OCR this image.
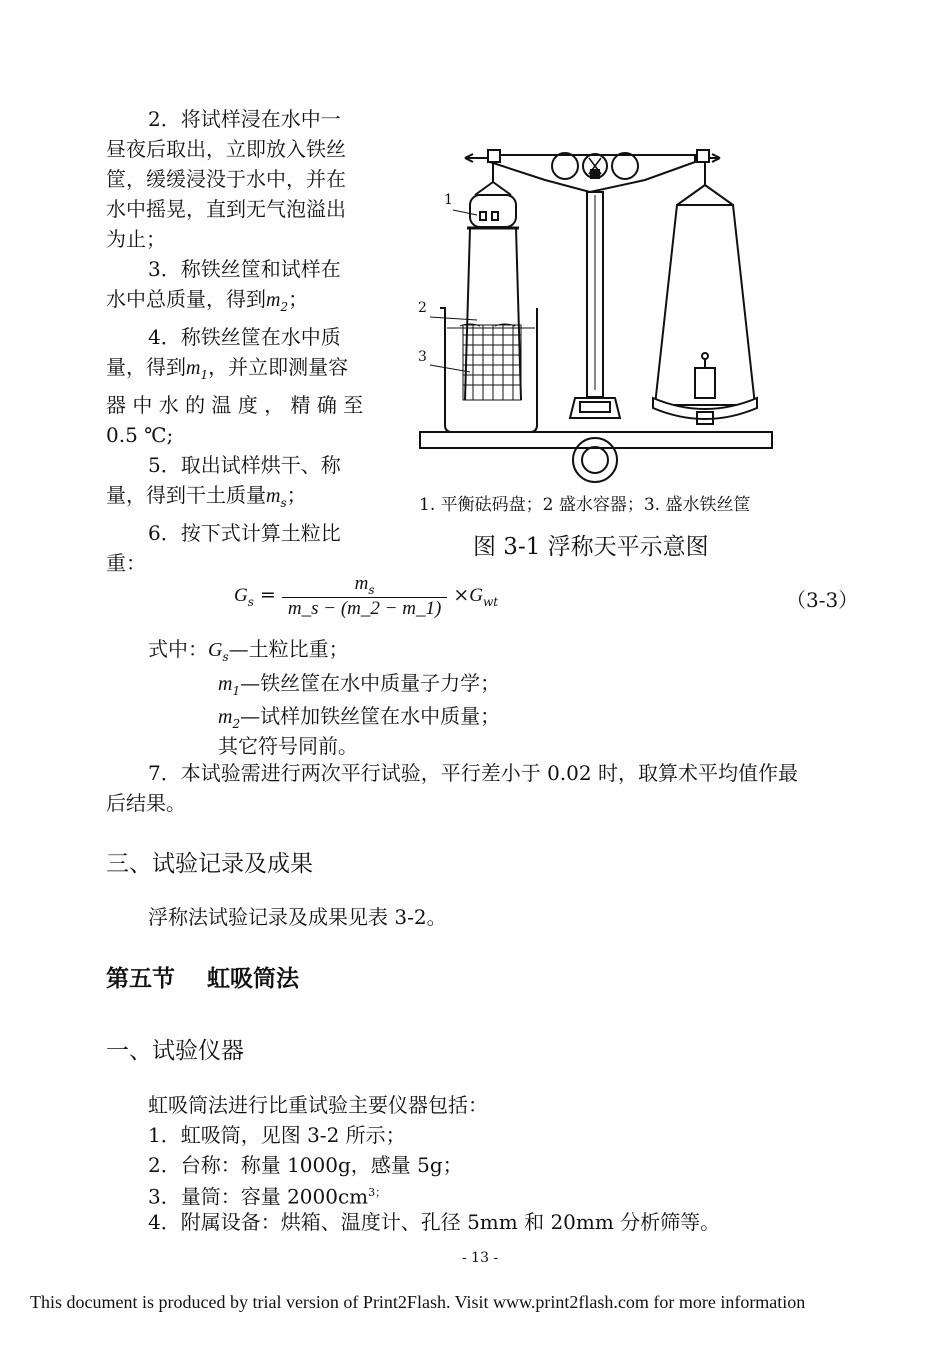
2．将试样浸在水中一

昼夜后取出，立即放入铁丝

筐，缓缓浸没于水中，并在

水中摇晃，直到无气泡溢出

为止；

3．称铁丝筐和试样在

水中总质量，得到$m_2$；

4．称铁丝筐在水中质

量，得到$m_1$，并立即测量容

器 中 水 的 温 度 ， 精 确 至

0.5 ℃;

5．取出试样烘干、称

量，得到干土质量$m_s$；

6．按下式计算土粒比

重：

1
2
3
1. 平衡砝码盘；2 盛水容器；3. 盛水铁丝筐
图 3-1 浮称天平示意图
$G_s = \frac{m_s}{m\_s - (m\_2 - m\_1)} \times G_{wt}$	（3-3）
式中：$G_s—$土粒比重；
$m_1—$铁丝筐在水中质量子力学；
$m_2—$试样加铁丝筐在水中质量；
其它符号同前。
7．本试验需进行两次平行试验，平行差小于 0.02 时，取算术平均值作最
后结果。
三、试验记录及成果
浮称法试验记录及成果见表 3-2。
第五节    虹吸筒法
一、试验仪器
虹吸筒法进行比重试验主要仪器包括：
1．虹吸筒，见图 3-2 所示；
2．台称：称量 1000g，感量 5g；
3．量筒：容量 $2000cm^{3;}$
4．附属设备：烘箱、温度计、孔径 5mm 和 20mm 分析筛等。
- 13 -
This document is produced by trial version of Print2Flash. Visit www.print2flash.com for more information
